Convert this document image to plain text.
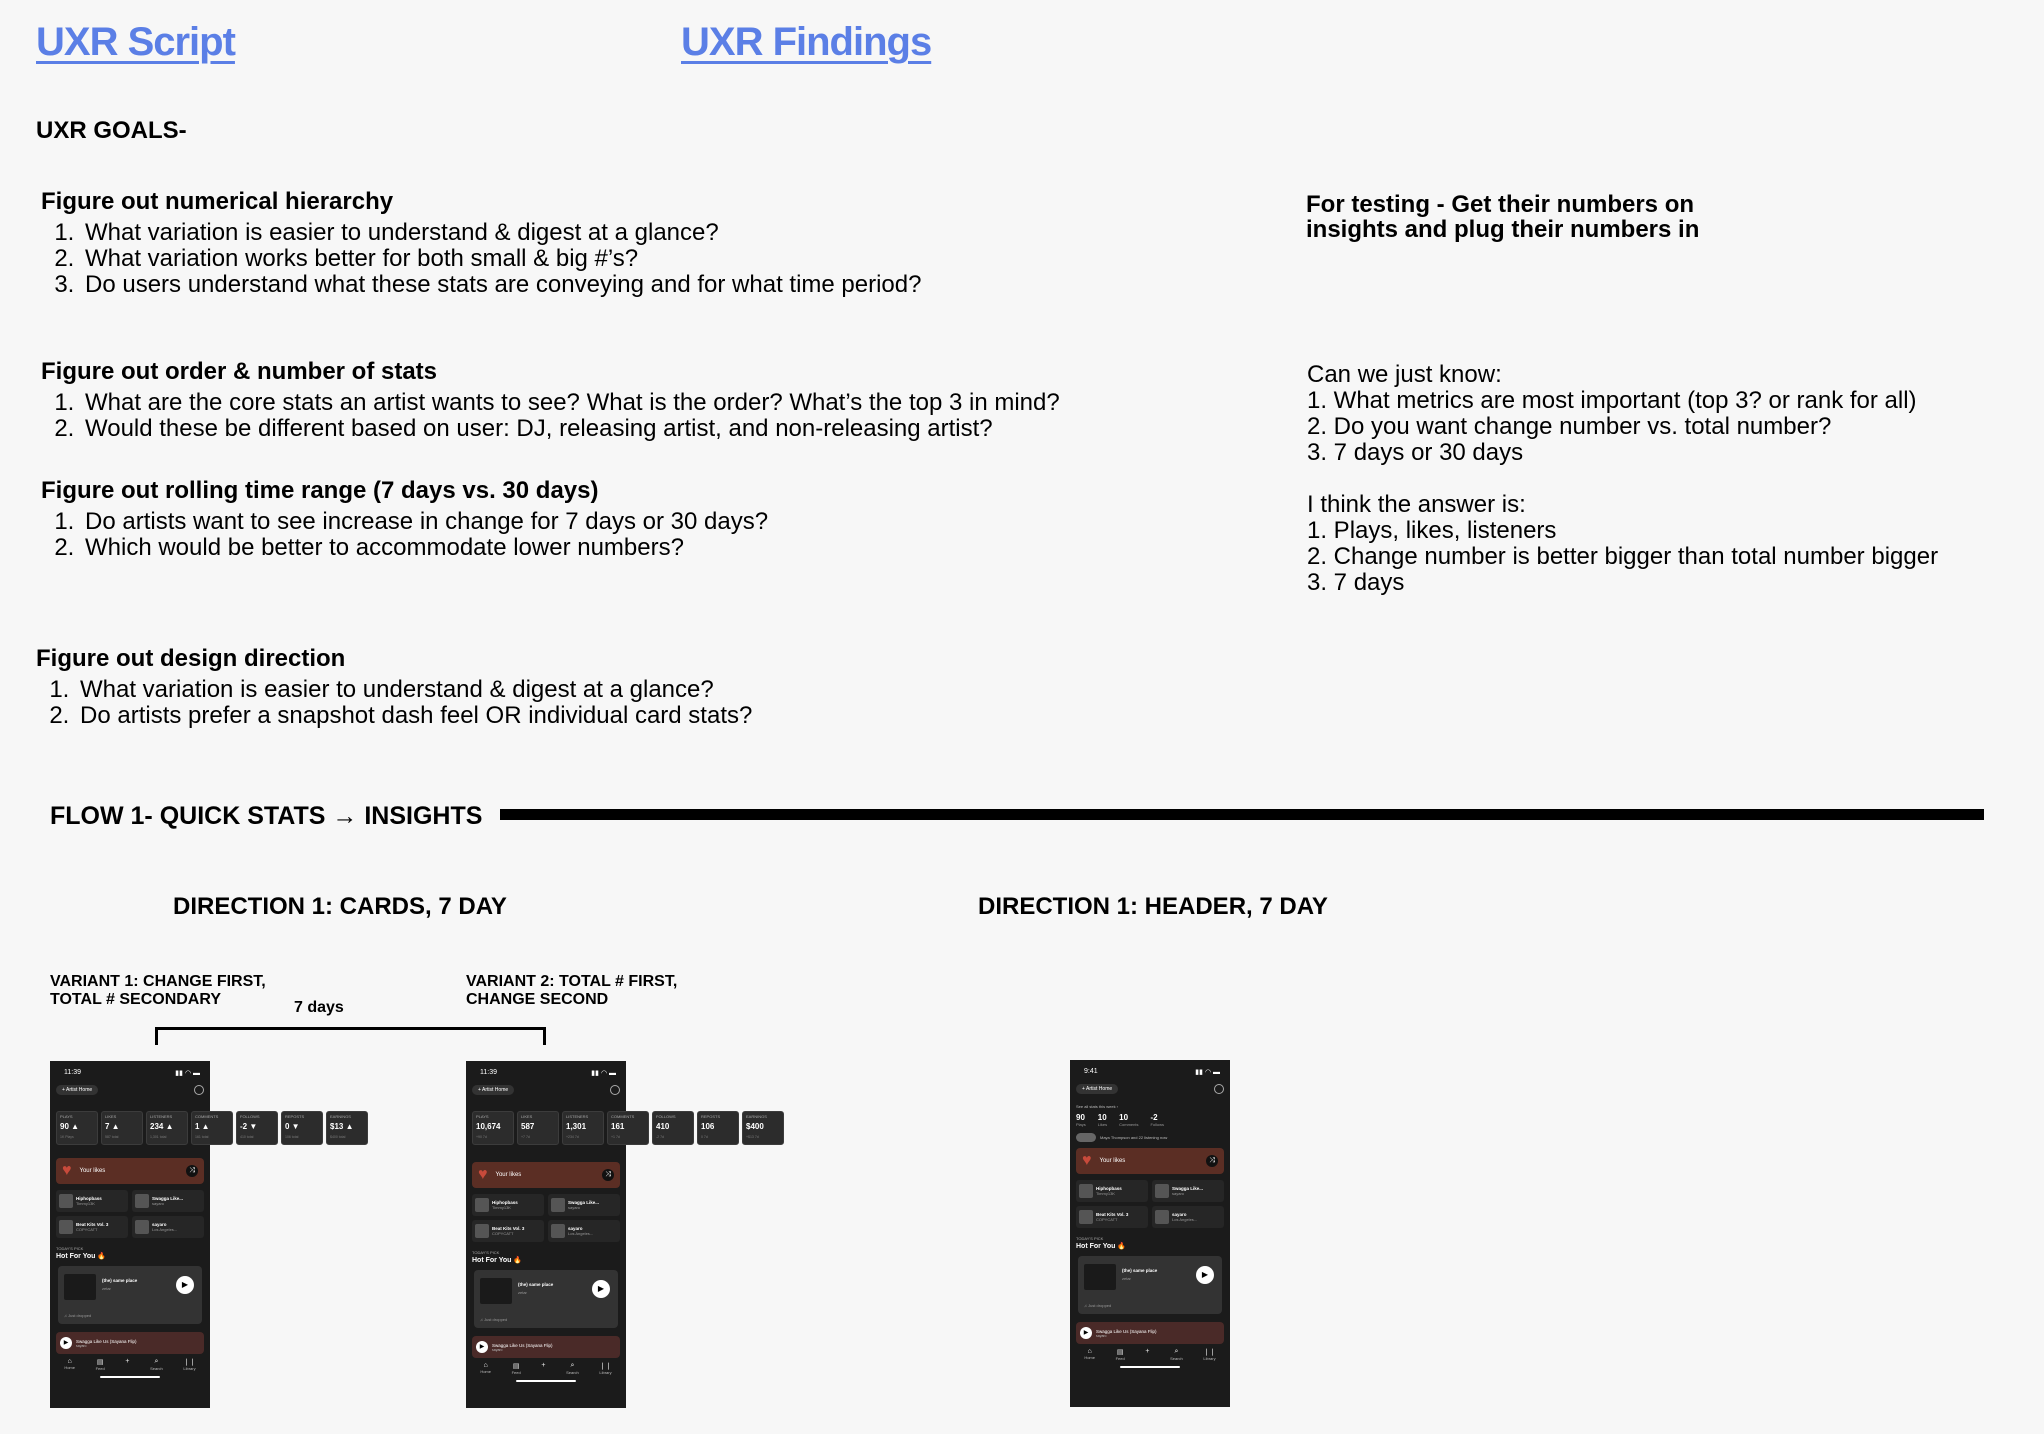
UXR Script	UXR Findings
UXR GOALS-

Figure out numerical hierarchy

1. What variation is easier to understand & digest at a glance?
2. What variation works better for both small & big #’s?
3. Do users understand what these stats are conveying and for what time period?

Figure out order & number of stats

1. What are the core stats an artist wants to see? What is the order? What’s the top 3 in mind?
2. Would these be different based on user: DJ, releasing artist, and non-releasing artist?

Figure out rolling time range (7 days vs. 30 days)

1. Do artists want to see increase in change for 7 days or 30 days?
2. Which would be better to accommodate lower numbers?

Figure out design direction

1. What variation is easier to understand & digest at a glance?
2. Do artists prefer a snapshot dash feel OR individual card stats?
For testing - Get their numbers on
insights and plug their numbers in
Can we just know:
1. What metrics are most important (top 3? or rank for all)
2. Do you want change number vs. total number?
3. 7 days or 30 days
I think the answer is:
1. Plays, likes, listeners
2. Change number is better bigger than total number bigger
3. 7 days
FLOW 1- QUICK STATS → INSIGHTS
DIRECTION 1: CARDS, 7 DAY	DIRECTION 1: HEADER, 7 DAY
VARIANT 1: CHANGE FIRST,
TOTAL # SECONDARY
VARIANT 2: TOTAL # FIRST,
CHANGE SECOND
7 days
11:39	▮▮ ◠ ▬
+ Artist Home
PLAYS
90 ▲
1K Plays
LIKES
7 ▲
587 total
LISTENERS
234 ▲
1,301 total
COMMENTS
1 ▲
161 total
FOLLOWS
-2 ▼
410 total
REPOSTS
0 ▼
106 total
EARNINGS
$13 ▲
$400 total
♥ Your likes	⤨
Hiphopbass
Timmy13K
Swagga Like...
sayaro
Beat Kits Vol. 3
COPYCATT
sayaro
Los Angeles...
TODAY'S PICK
Hot For You 🔥
(the) same place
zetar	▶
♫ Just dropped
▶	Swagga Like Us (Sayana Flip)
sayaro
⌂
Home
▤
Feed
+	⌕
Search
❘❘
Library
11:39	▮▮ ◠ ▬
+ Artist Home
PLAYS
10,674
+90 7d
LIKES
587
+7 7d
LISTENERS
1,301
+234 7d
COMMENTS
161
+1 7d
FOLLOWS
410
-2 7d
REPOSTS
106
0 7d
EARNINGS
$400
+$13 7d
♥ Your likes	⤨
Hiphopbass
Timmy13K
Swagga Like...
sayaro
Beat Kits Vol. 3
COPYCATT
sayaro
Los Angeles...
TODAY'S PICK
Hot For You 🔥
(the) same place
zetar	▶
♫ Just dropped
▶	Swagga Like Us (Sayana Flip)
sayaro
⌂
Home
▤
Feed
+	⌕
Search
❘❘
Library
9:41	▮▮ ◠ ▬
+ Artist Home
See all stats this week ›
90
Plays
10
Likes
10
Comments
-2
Follows
Maya Thompson and 22 listening now
♥ Your likes	⤨
Hiphopbass
Timmy13K
Swagga Like...
sayaro
Beat Kits Vol. 3
COPYCATT
sayaro
Los Angeles...
TODAY'S PICK
Hot For You 🔥
(the) same place
zetar	▶
♫ Just dropped
▶	Swagga Like Us (Sayana Flip)
sayaro
⌂
Home
▤
Feed
+	⌕
Search
❘❘
Library
